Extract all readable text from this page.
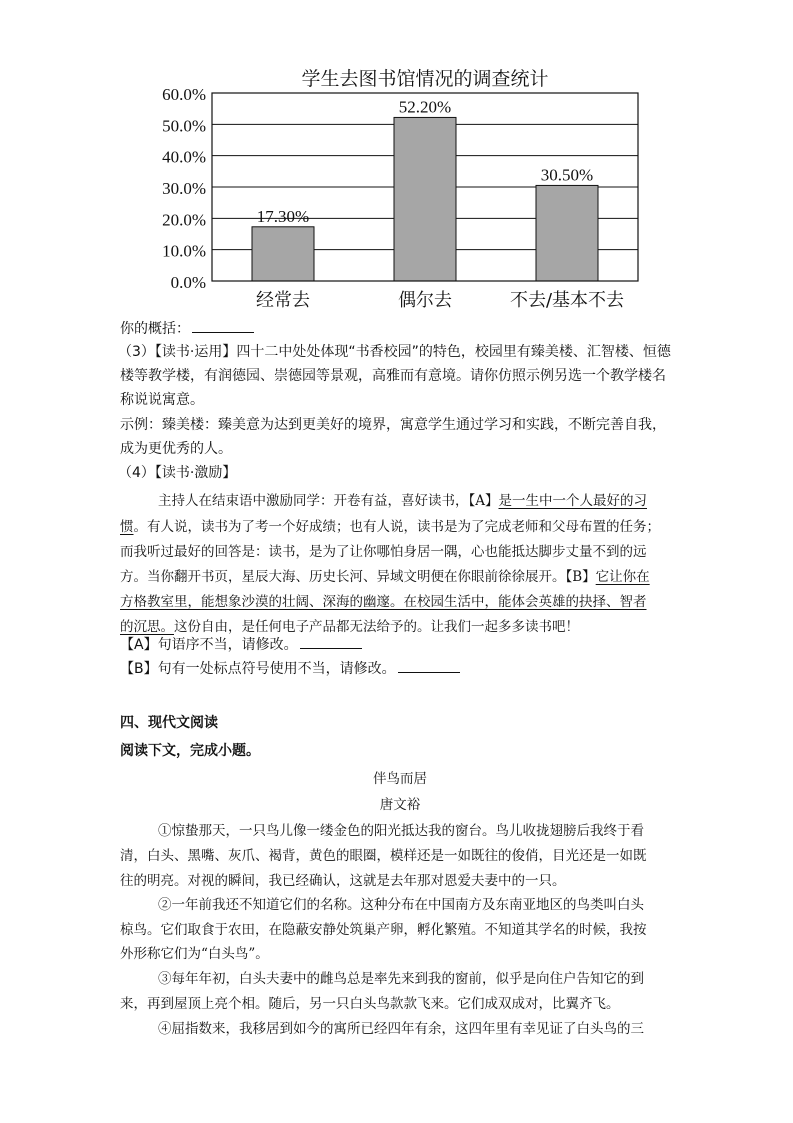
学生去图书馆情况的调查统计
0.0%
10.0%
20.0%
30.0%
40.0%
50.0%
60.0%
17.30%
52.20%
30.50%
经常去	偶尔去	不去/基本不去
你的概括：
（3）【读书·运用】四十二中处处体现“书香校园”的特色，校园里有臻美楼、汇智楼、恒德
楼等教学楼，有润德园、崇德园等景观，高雅而有意境。请你仿照示例另选一个教学楼名
称说说寓意。
示例：臻美楼：臻美意为达到更美好的境界，寓意学生通过学习和实践，不断完善自我，
成为更优秀的人。
（4）【读书·激励】
主持人在结束语中激励同学：开卷有益，喜好读书，【A】是一生中一个人最好的习
惯。有人说，读书为了考一个好成绩；也有人说，读书是为了完成老师和父母布置的任务；
而我听过最好的回答是：读书，是为了让你哪怕身居一隅，心也能抵达脚步丈量不到的远
方。当你翻开书页，星辰大海、历史长河、异域文明便在你眼前徐徐展开。【B】它让你在
方格教室里，能想象沙漠的壮阔、深海的幽邃。在校园生活中，能体会英雄的抉择、智者
的沉思。这份自由，是任何电子产品都无法给予的。让我们一起多多读书吧！
【A】句语序不当，请修改。
【B】句有一处标点符号使用不当，请修改。
四、现代文阅读
阅读下文，完成小题。
伴鸟而居
唐文裕
①惊蛰那天，一只鸟儿像一缕金色的阳光抵达我的窗台。鸟儿收拢翅膀后我终于看
清，白头、黑嘴、灰爪、褐背，黄色的眼圈，模样还是一如既往的俊俏，目光还是一如既
往的明亮。对视的瞬间，我已经确认，这就是去年那对恩爱夫妻中的一只。
②一年前我还不知道它们的名称。这种分布在中国南方及东南亚地区的鸟类叫白头
椋鸟。它们取食于农田，在隐蔽安静处筑巢产卵，孵化繁殖。不知道其学名的时候，我按
外形称它们为“白头鸟”。
③每年年初，白头夫妻中的雌鸟总是率先来到我的窗前，似乎是向住户告知它的到
来，再到屋顶上亮个相。随后，另一只白头鸟款款飞来。它们成双成对，比翼齐飞。
④屈指数来，我移居到如今的寓所已经四年有余，这四年里有幸见证了白头鸟的三
